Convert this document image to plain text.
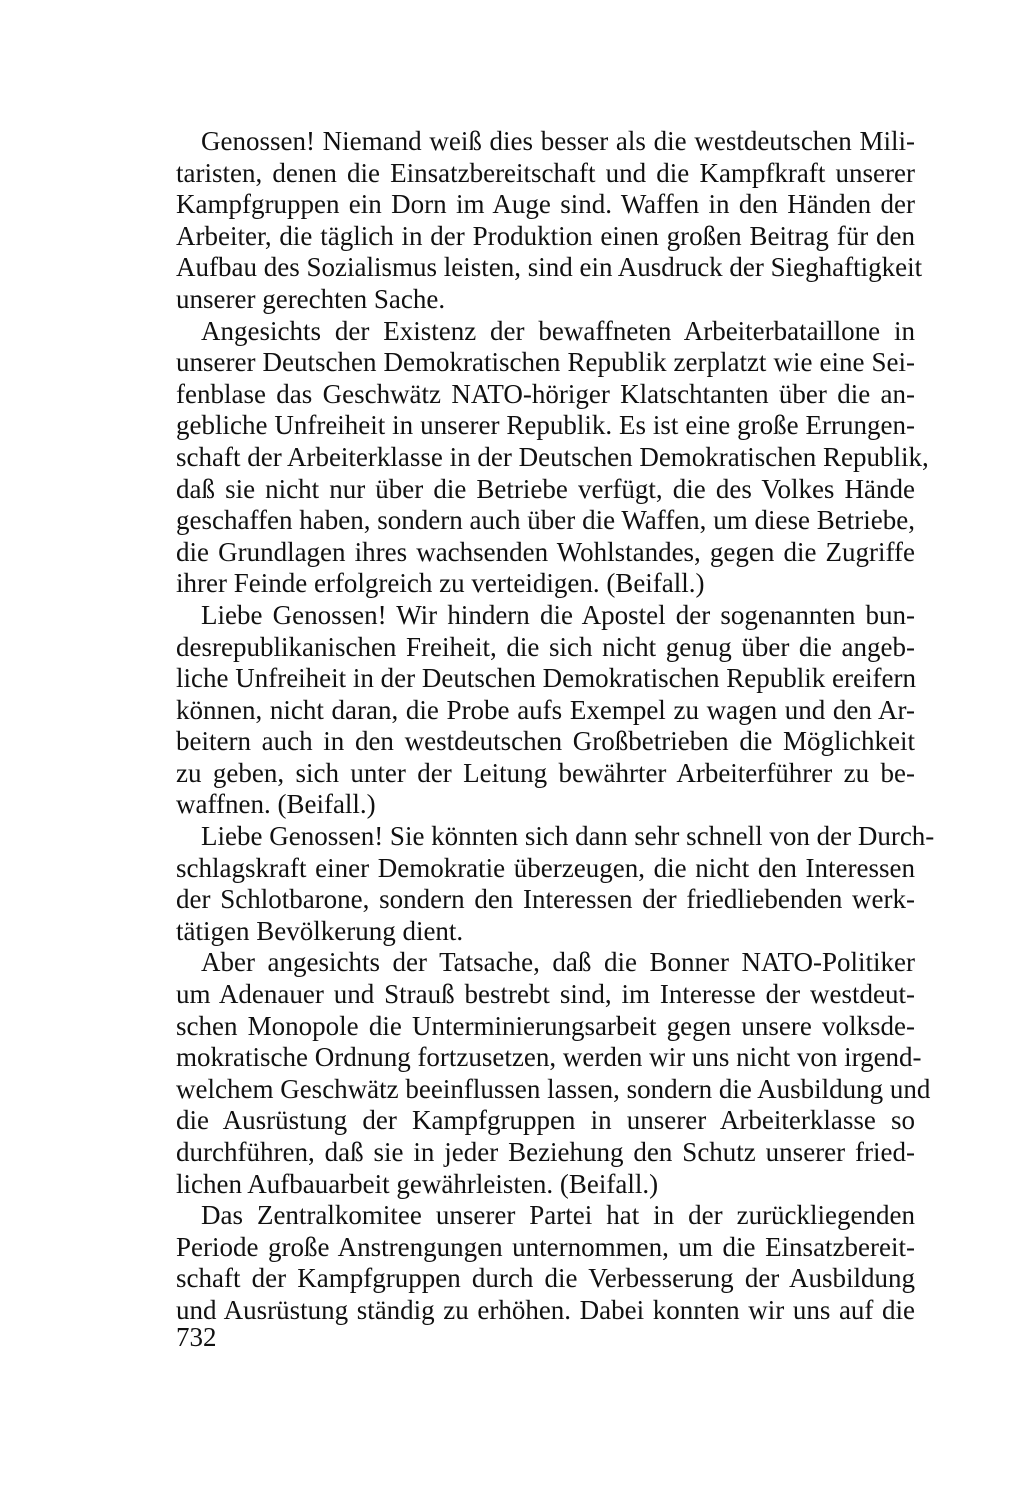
Genossen! Niemand weiß dies besser als die westdeutschen Mili-
taristen, denen die Einsatzbereitschaft und die Kampfkraft unserer
Kampfgruppen ein Dorn im Auge sind. Waffen in den Händen der
Arbeiter, die täglich in der Produktion einen großen Beitrag für den
Aufbau des Sozialismus leisten, sind ein Ausdruck der Sieghaftigkeit
unserer gerechten Sache.
Angesichts der Existenz der bewaffneten Arbeiterbataillone in
unserer Deutschen Demokratischen Republik zerplatzt wie eine Sei-
fenblase das Geschwätz NATO-höriger Klatschtanten über die an-
gebliche Unfreiheit in unserer Republik. Es ist eine große Errungen-
schaft der Arbeiterklasse in der Deutschen Demokratischen Republik,
daß sie nicht nur über die Betriebe verfügt, die des Volkes Hände
geschaffen haben, sondern auch über die Waffen, um diese Betriebe,
die Grundlagen ihres wachsenden Wohlstandes, gegen die Zugriffe
ihrer Feinde erfolgreich zu verteidigen. (Beifall.)
Liebe Genossen! Wir hindern die Apostel der sogenannten bun-
desrepublikanischen Freiheit, die sich nicht genug über die angeb-
liche Unfreiheit in der Deutschen Demokratischen Republik ereifern
können, nicht daran, die Probe aufs Exempel zu wagen und den Ar-
beitern auch in den westdeutschen Großbetrieben die Möglichkeit
zu geben, sich unter der Leitung bewährter Arbeiterführer zu be-
waffnen. (Beifall.)
Liebe Genossen! Sie könnten sich dann sehr schnell von der Durch-
schlagskraft einer Demokratie überzeugen, die nicht den Interessen
der Schlotbarone, sondern den Interessen der friedliebenden werk-
tätigen Bevölkerung dient.
Aber angesichts der Tatsache, daß die Bonner NATO-Politiker
um Adenauer und Strauß bestrebt sind, im Interesse der westdeut-
schen Monopole die Unterminierungsarbeit gegen unsere volksde-
mokratische Ordnung fortzusetzen, werden wir uns nicht von irgend-
welchem Geschwätz beeinflussen lassen, sondern die Ausbildung und
die Ausrüstung der Kampfgruppen in unserer Arbeiterklasse so
durchführen, daß sie in jeder Beziehung den Schutz unserer fried-
lichen Aufbauarbeit gewährleisten. (Beifall.)
Das Zentralkomitee unserer Partei hat in der zurückliegenden
Periode große Anstrengungen unternommen, um die Einsatzbereit-
schaft der Kampfgruppen durch die Verbesserung der Ausbildung
und Ausrüstung ständig zu erhöhen. Dabei konnten wir uns auf die
732
